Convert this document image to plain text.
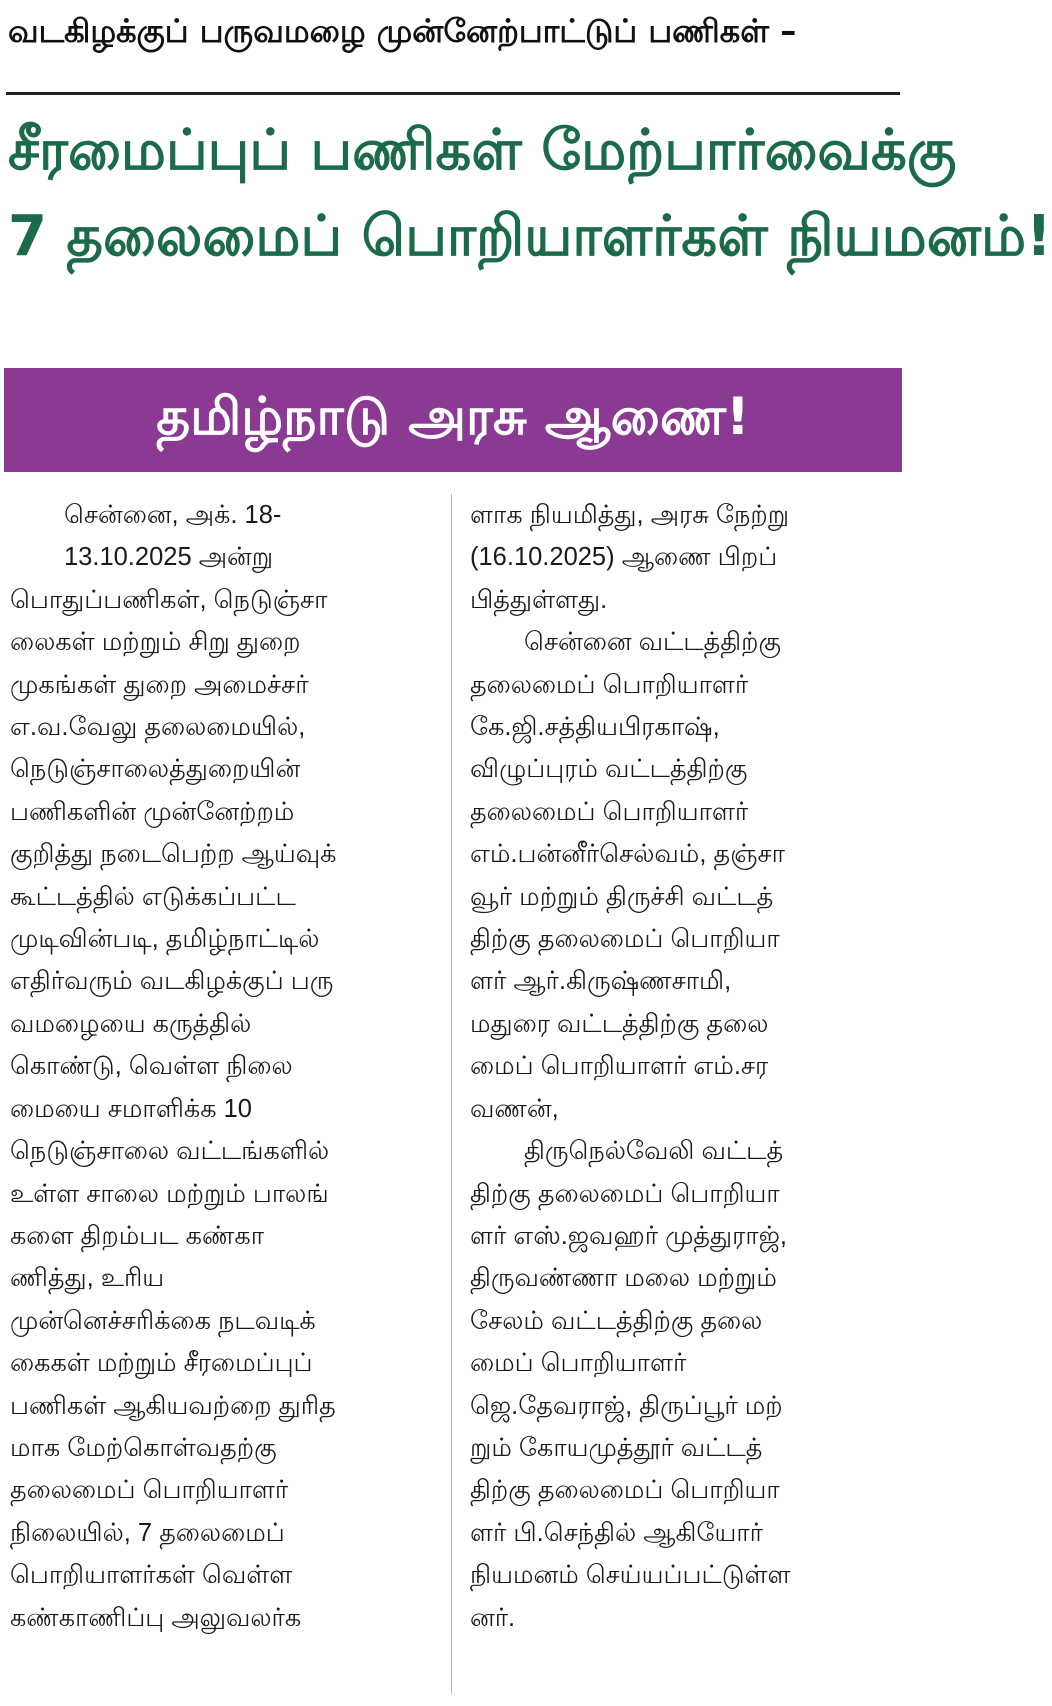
வடகிழக்குப் பருவமழை முன்னேற்பாட்டுப் பணிகள் –
சீரமைப்புப் பணிகள் மேற்பார்வைக்கு
7 தலைமைப் பொறியாளர்கள் நியமனம்!
தமிழ்நாடு அரசு ஆணை!
சென்னை, அக். 18-
13.10.2025 அன்று
பொதுப்பணிகள், நெடுஞ்சா
லைகள் மற்றும் சிறு துறை
முகங்கள் துறை அமைச்சர்
எ.வ.வேலு தலைமையில்,
நெடுஞ்சாலைத்துறையின்
பணிகளின் முன்னேற்றம்
குறித்து நடைபெற்ற ஆய்வுக்
கூட்டத்தில் எடுக்கப்பட்ட
முடிவின்படி, தமிழ்நாட்டில்
எதிர்வரும் வடகிழக்குப் பரு
வமழையை கருத்தில்
கொண்டு, வெள்ள நிலை
மையை சமாளிக்க 10
நெடுஞ்சாலை வட்டங்களில்
உள்ள சாலை மற்றும் பாலங்
களை திறம்பட கண்கா
ணித்து, உரிய
முன்னெச்சரிக்கை நடவடிக்
கைகள் மற்றும் சீரமைப்புப்
பணிகள் ஆகியவற்றை துரித
மாக மேற்கொள்வதற்கு
தலைமைப் பொறியாளர்
நிலையில், 7 தலைமைப்
பொறியாளர்கள் வெள்ள
கண்காணிப்பு அலுவலர்க
ளாக நியமித்து, அரசு நேற்று
(16.10.2025) ஆணை பிறப்
பித்துள்ளது.
சென்னை வட்டத்திற்கு
தலைமைப் பொறியாளர்
கே.ஜி.சத்தியபிரகாஷ்,
விழுப்புரம் வட்டத்திற்கு
தலைமைப் பொறியாளர்
எம்.பன்னீர்செல்வம், தஞ்சா
வூர் மற்றும் திருச்சி வட்டத்
திற்கு தலைமைப் பொறியா
ளர் ஆர்.கிருஷ்ணசாமி,
மதுரை வட்டத்திற்கு தலை
மைப் பொறியாளர் எம்.சர
வணன்,
திருநெல்வேலி வட்டத்
திற்கு தலைமைப் பொறியா
ளர் எஸ்.ஜவஹர் முத்துராஜ்,
திருவண்ணா மலை மற்றும்
சேலம் வட்டத்திற்கு தலை
மைப் பொறியாளர்
ஜெ.தேவராஜ், திருப்பூர் மற்
றும் கோயமுத்தூர் வட்டத்
திற்கு தலைமைப் பொறியா
ளர் பி.செந்தில் ஆகியோர்
நியமனம் செய்யப்பட்டுள்ள
னர்.
